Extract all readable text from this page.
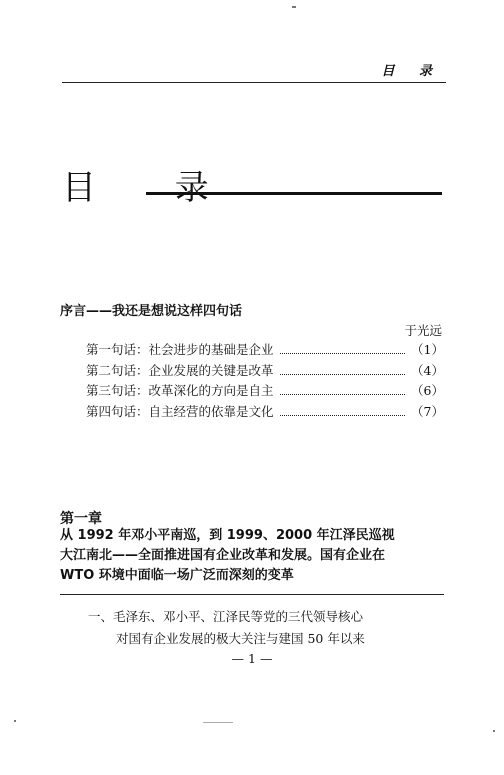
目 录
目 录
序言——我还是想说这样四句话
于光远
第一句话：社会进步的基础是企业	（1）
第二句话：企业发展的关键是改革	（4）
第三句话：改革深化的方向是自主	（6）
第四句话：自主经营的依靠是文化	（7）
第一章
从 1992 年邓小平南巡，到 1999、2000 年江泽民巡视大江南北——全面推进国有企业改革和发展。国有企业在 WTO 环境中面临一场广泛而深刻的变革
一、毛泽东、邓小平、江泽民等党的三代领导核心
对国有企业发展的极大关注与建国 50 年以来
— 1 —
